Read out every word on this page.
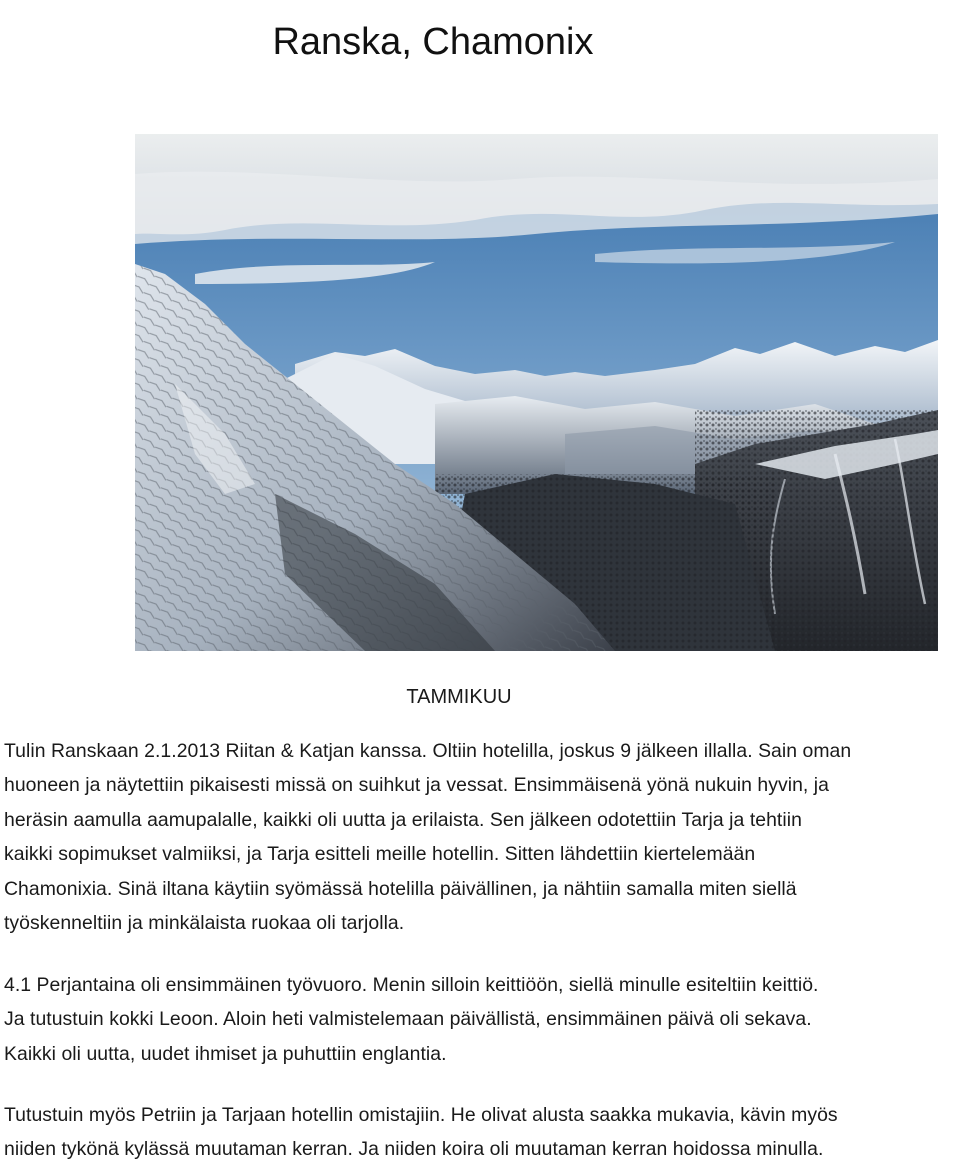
Ranska, Chamonix
TAMMIKUU

Tulin Ranskaan 2.1.2013 Riitan & Katjan kanssa. Oltiin hotelilla, joskus 9 jälkeen illalla. Sain oman
huoneen ja näytettiin pikaisesti missä on suihkut ja vessat. Ensimmäisenä yönä nukuin hyvin, ja
heräsin aamulla aamupalalle, kaikki oli uutta ja erilaista. Sen jälkeen odotettiin Tarja ja tehtiin
kaikki sopimukset valmiiksi, ja Tarja esitteli meille hotellin. Sitten lähdettiin kiertelemään
Chamonixia. Sinä iltana käytiin syömässä hotelilla päivällinen, ja nähtiin samalla miten siellä
työskenneltiin ja minkälaista ruokaa oli tarjolla.

4.1 Perjantaina oli ensimmäinen työvuoro. Menin silloin keittiöön, siellä minulle esiteltiin keittiö.
Ja tutustuin kokki Leoon. Aloin heti valmistelemaan päivällistä, ensimmäinen päivä oli sekava.
Kaikki oli uutta, uudet ihmiset ja puhuttiin englantia.

Tutustuin myös Petriin ja Tarjaan hotellin omistajiin. He olivat alusta saakka mukavia, kävin myös
niiden tykönä kylässä muutaman kerran. Ja niiden koira oli muutaman kerran hoidossa minulla.
